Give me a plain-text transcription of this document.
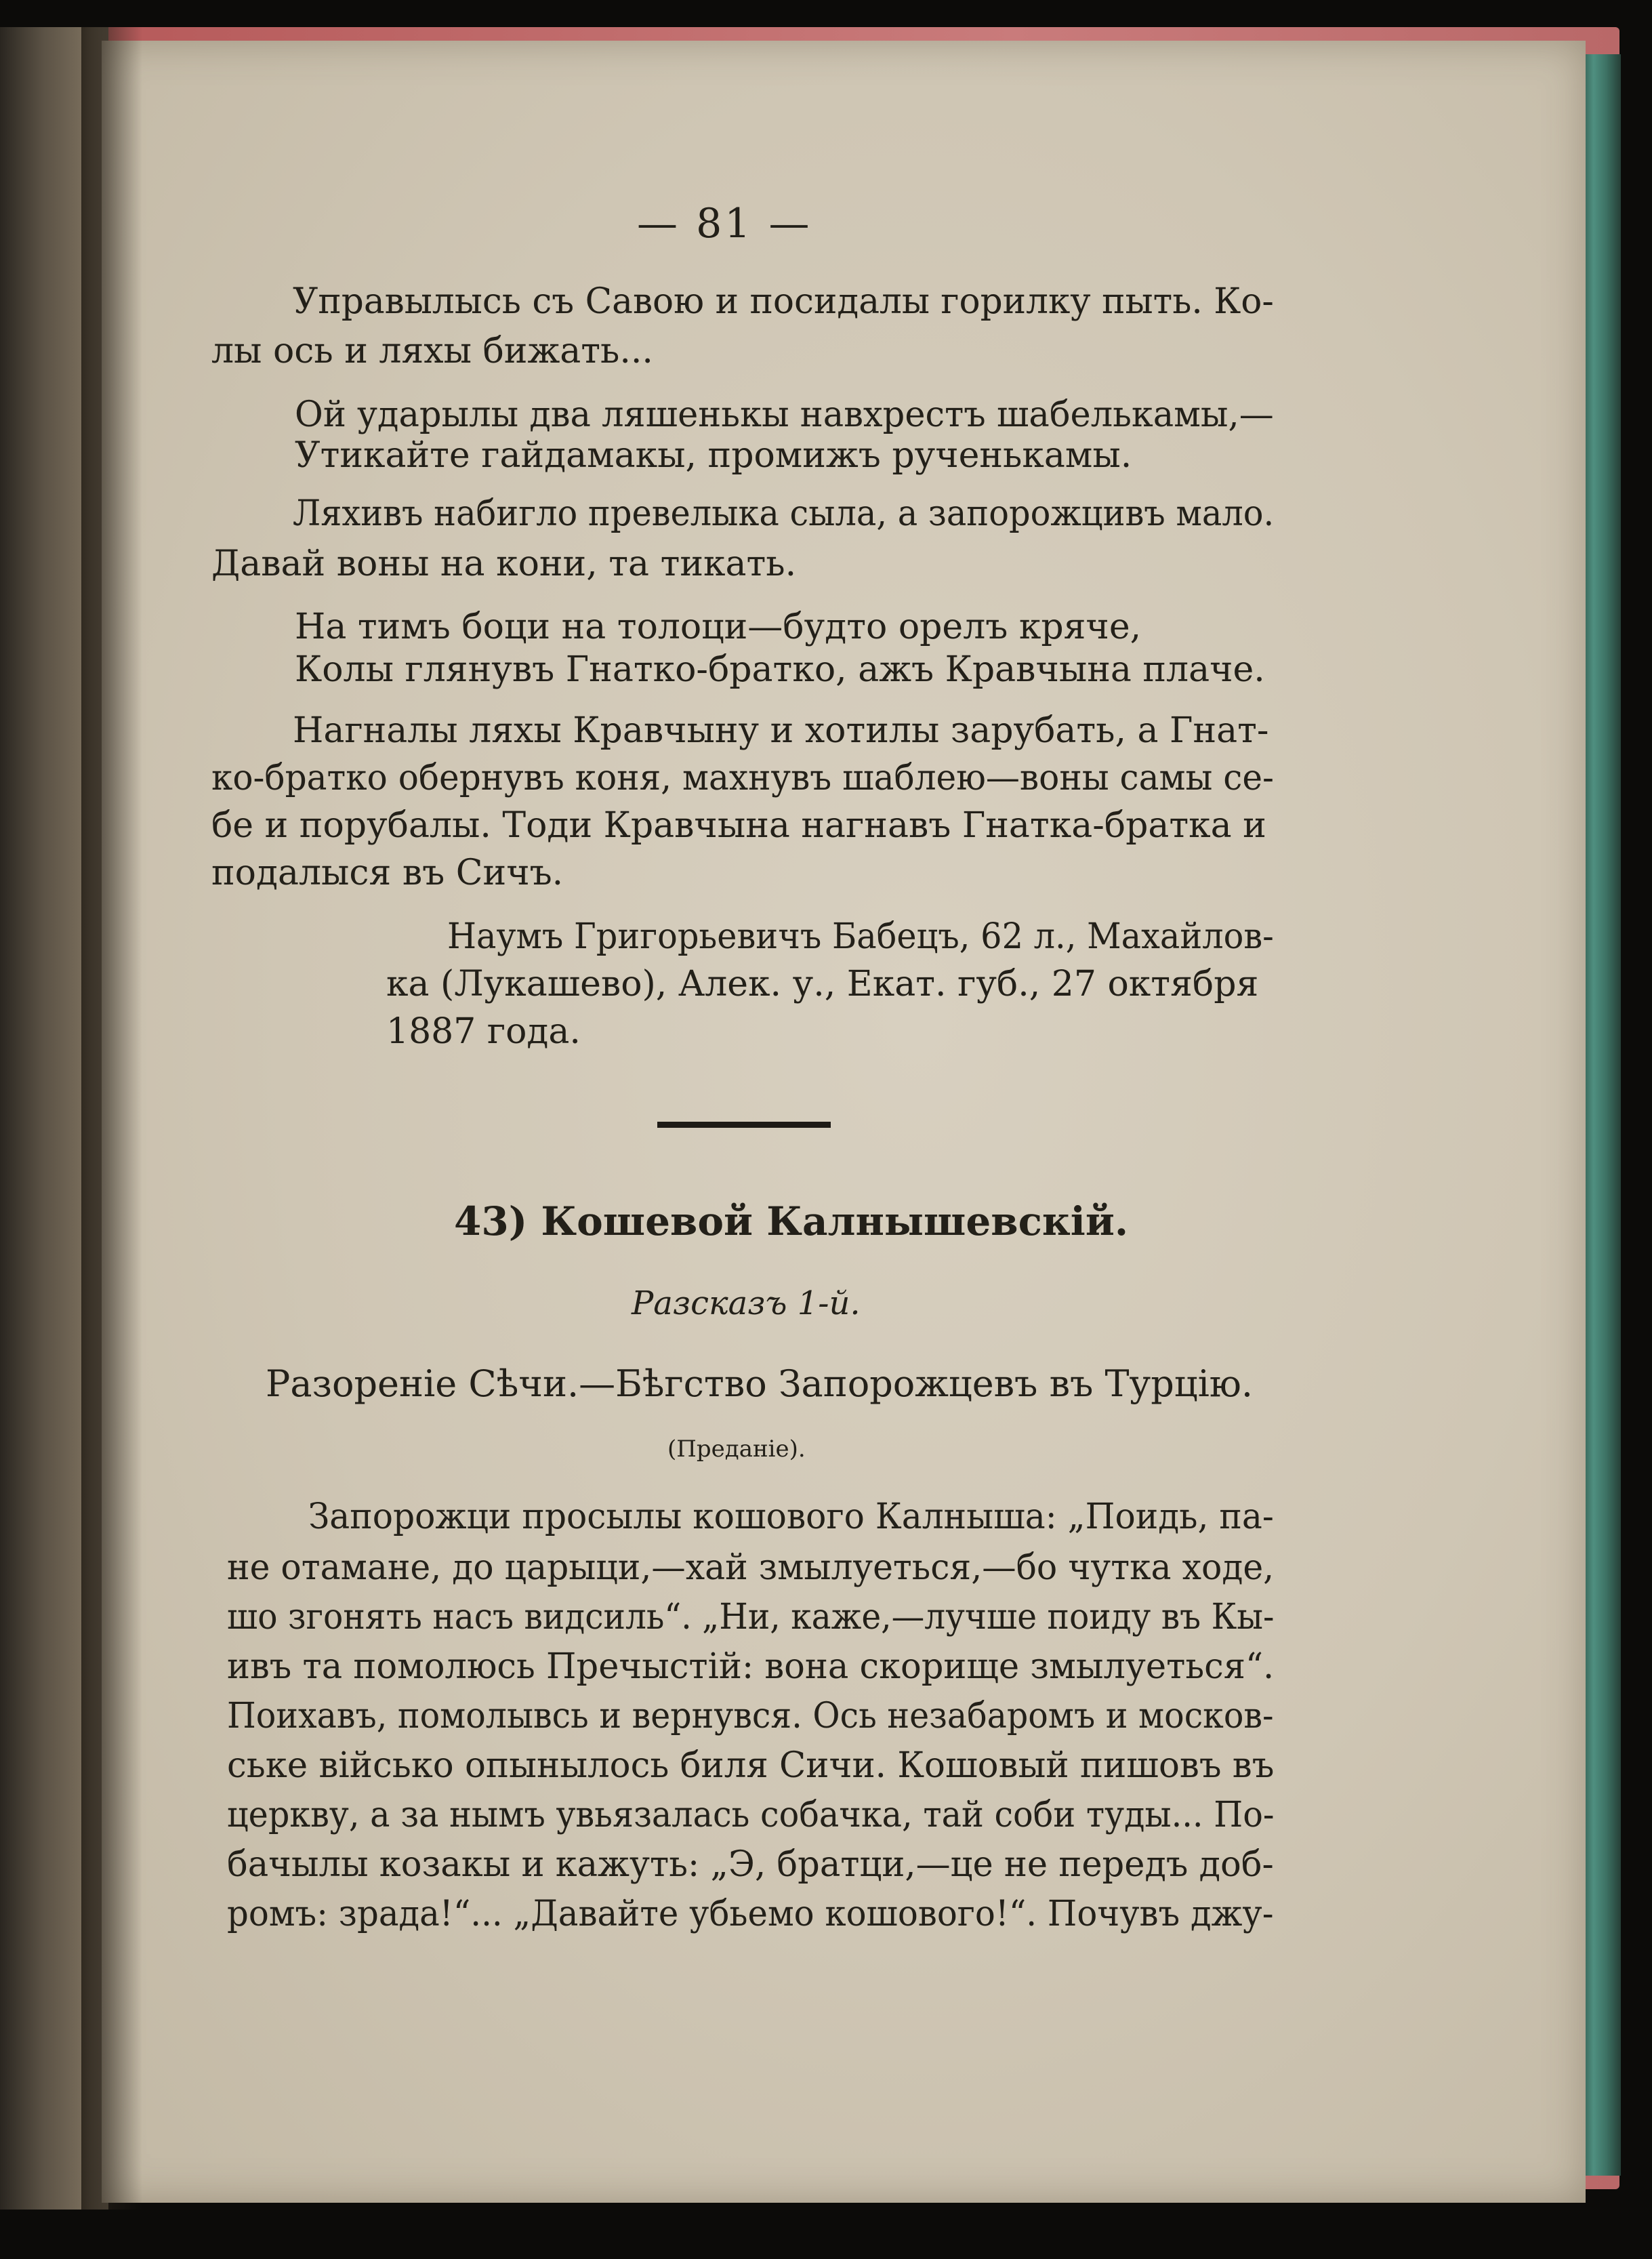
— 81 —
Управылысь съ Савою и посидалы горилку пыть. Ко-
лы ось и ляхы бижать...
Ой ударылы два ляшенькы навхрестъ шабелькамы,—
Утикайте гайдамакы, промижъ рученькамы.
Ляхивъ набигло превелыка сыла, а запорожцивъ мало.
Давай воны на кони, та тикать.
На тимъ боци на толоци—будто орелъ кряче,
Колы глянувъ Гнатко-братко, ажъ Кравчына плаче.
Нагналы ляхы Кравчыну и хотилы зарубать, а Гнат-
ко-братко обернувъ коня, махнувъ шаблею—воны самы се-
бе и порубалы. Тоди Кравчына нагнавъ Гнатка-братка и
подалыся въ Сичъ.
Наумъ Григорьевичъ Бабецъ, 62 л., Махайлов-
ка (Лукашево), Алек. у., Екат. губ., 27 октября
1887 года.
43) Кошевой Калнышевскій.
Разсказъ 1-й.
Разореніе Сѣчи.—Бѣгство Запорожцевъ въ Турцію.
(Преданіе).
Запорожци просылы кошового Калныша: „Поидь, па-
не отамане, до царыци,—хай змылуеться,—бо чутка ходе,
шо згонять насъ видсиль“. „Ни, каже,—лучше поиду въ Кы-
ивъ та помолюсь Пречыстій: вона скорище змылуеться“.
Поихавъ, помолывсь и вернувся. Ось незабаромъ и москов-
ське військо опынылось биля Сичи. Кошовый пишовъ въ
церкву, а за нымъ увьязалась собачка, тай соби туды... По-
бачылы козакы и кажуть: „Э, братци,—це не передъ доб-
ромъ: зрада!“... „Давайте убьемо кошового!“. Почувъ джу-
